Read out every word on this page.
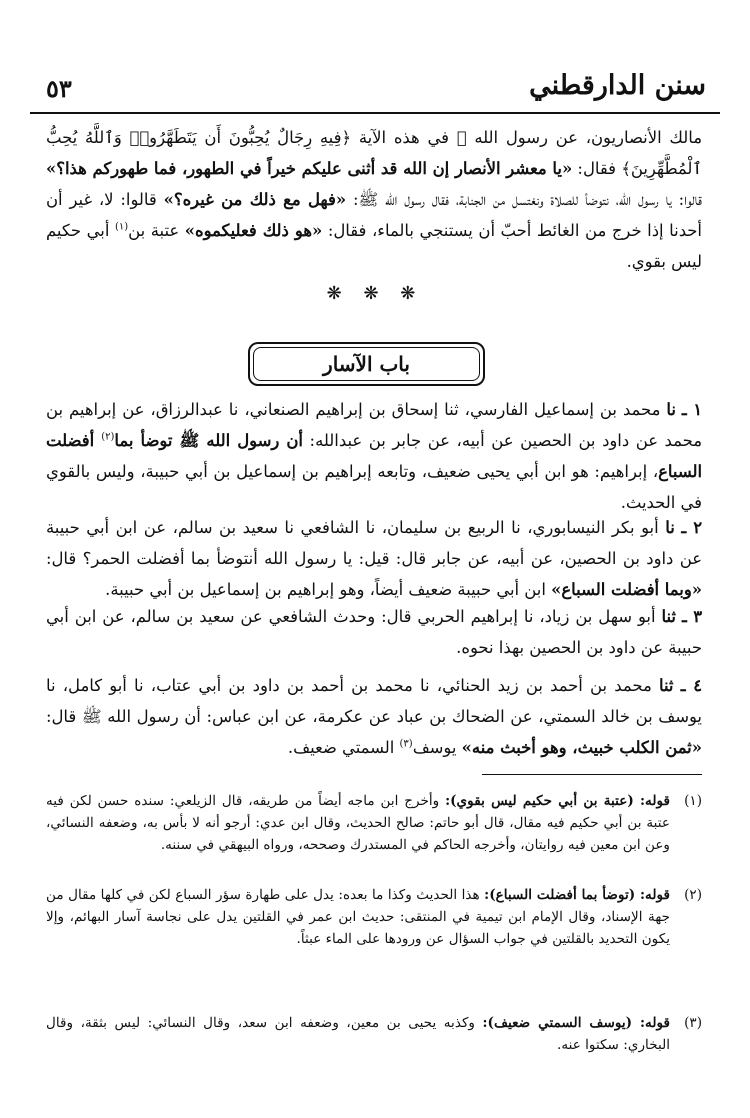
٥٣	سنن الدارقطني
مالك الأنصاريون، عن رسول الله ﷺ في هذه الآية ﴿فِيهِ رِجَالٌ يُحِبُّونَ أَن يَتَطَهَّرُوا۟ وَٱللَّهُ يُحِبُّ ٱلْمُطَّهِّرِينَ﴾ فقال: «يا معشر الأنصار إن الله قد أثنى عليكم خيراً في الطهور، فما طهوركم هذا؟» قالوا: يا رسول الله، نتوضأ للصلاة ونغتسل من الجنابة، فقال رسول الله ﷺ: «فهل مع ذلك من غيره؟» قالوا: لا، غير أن أحدنا إذا خرج من الغائط أحبّ أن يستنجي بالماء، فقال: «هو ذلك فعليكموه» عتبة بن$^{(١)}$ أبي حكيم ليس بقوي.
❋ ❋ ❋
باب الآسار
١ ـ نا محمد بن إسماعيل الفارسي، ثنا إسحاق بن إبراهيم الصنعاني، نا عبدالرزاق، عن إبراهيم بن محمد عن داود بن الحصين عن أبيه، عن جابر بن عبدالله: أن رسول الله ﷺ توضأ بما$^{(٢)}$ أفضلت السباع، إبراهيم: هو ابن أبي يحيى ضعيف، وتابعه إبراهيم بن إسماعيل بن أبي حبيبة، وليس بالقوي في الحديث.
٢ ـ نا أبو بكر النيسابوري، نا الربيع بن سليمان، نا الشافعي نا سعيد بن سالم، عن ابن أبي حبيبة عن داود بن الحصين، عن أبيه، عن جابر قال: قيل: يا رسول الله أنتوضأ بما أفضلت الحمر؟ قال: «وبما أفضلت السباع» ابن أبي حبيبة ضعيف أيضاً، وهو إبراهيم بن إسماعيل بن أبي حبيبة.
٣ ـ ثنا أبو سهل بن زياد، نا إبراهيم الحربي قال: وحدث الشافعي عن سعيد بن سالم، عن ابن أبي حبيبة عن داود بن الحصين بهذا نحوه.
٤ ـ ثنا محمد بن أحمد بن زيد الحنائي، نا محمد بن أحمد بن داود بن أبي عتاب، نا أبو كامل، نا يوسف بن خالد السمتي، عن الضحاك بن عباد عن عكرمة، عن ابن عباس: أن رسول الله ﷺ قال: «ثمن الكلب خبيث، وهو أخبث منه» يوسف$^{(٣)}$ السمتي ضعيف.
(١)
قوله: (عتبة بن أبي حكيم ليس بقوي): وأخرج ابن ماجه أيضاً من طريقه، قال الزيلعي: سنده حسن لكن فيه عتبة بن أبي حكيم فيه مقال، قال أبو حاتم: صالح الحديث، وقال ابن عدي: أرجو أنه لا بأس به، وضعفه النسائي، وعن ابن معين فيه روايتان، وأخرجه الحاكم في المستدرك وصححه، ورواه البيهقي في سننه.
(٢)
قوله: (توضأ بما أفضلت السباع): هذا الحديث وكذا ما بعده: يدل على طهارة سؤر السباع لكن في كلها مقال من جهة الإسناد، وقال الإمام ابن تيمية في المنتقى: حديث ابن عمر في القلتين يدل على نجاسة آسار البهائم، وإلا يكون التحديد بالقلتين في جواب السؤال عن ورودها على الماء عبثاً.
(٣)
قوله: (يوسف السمتي ضعيف): وكذبه يحيى بن معين، وضعفه ابن سعد، وقال النسائي: ليس بثقة، وقال البخاري: سكتوا عنه.
